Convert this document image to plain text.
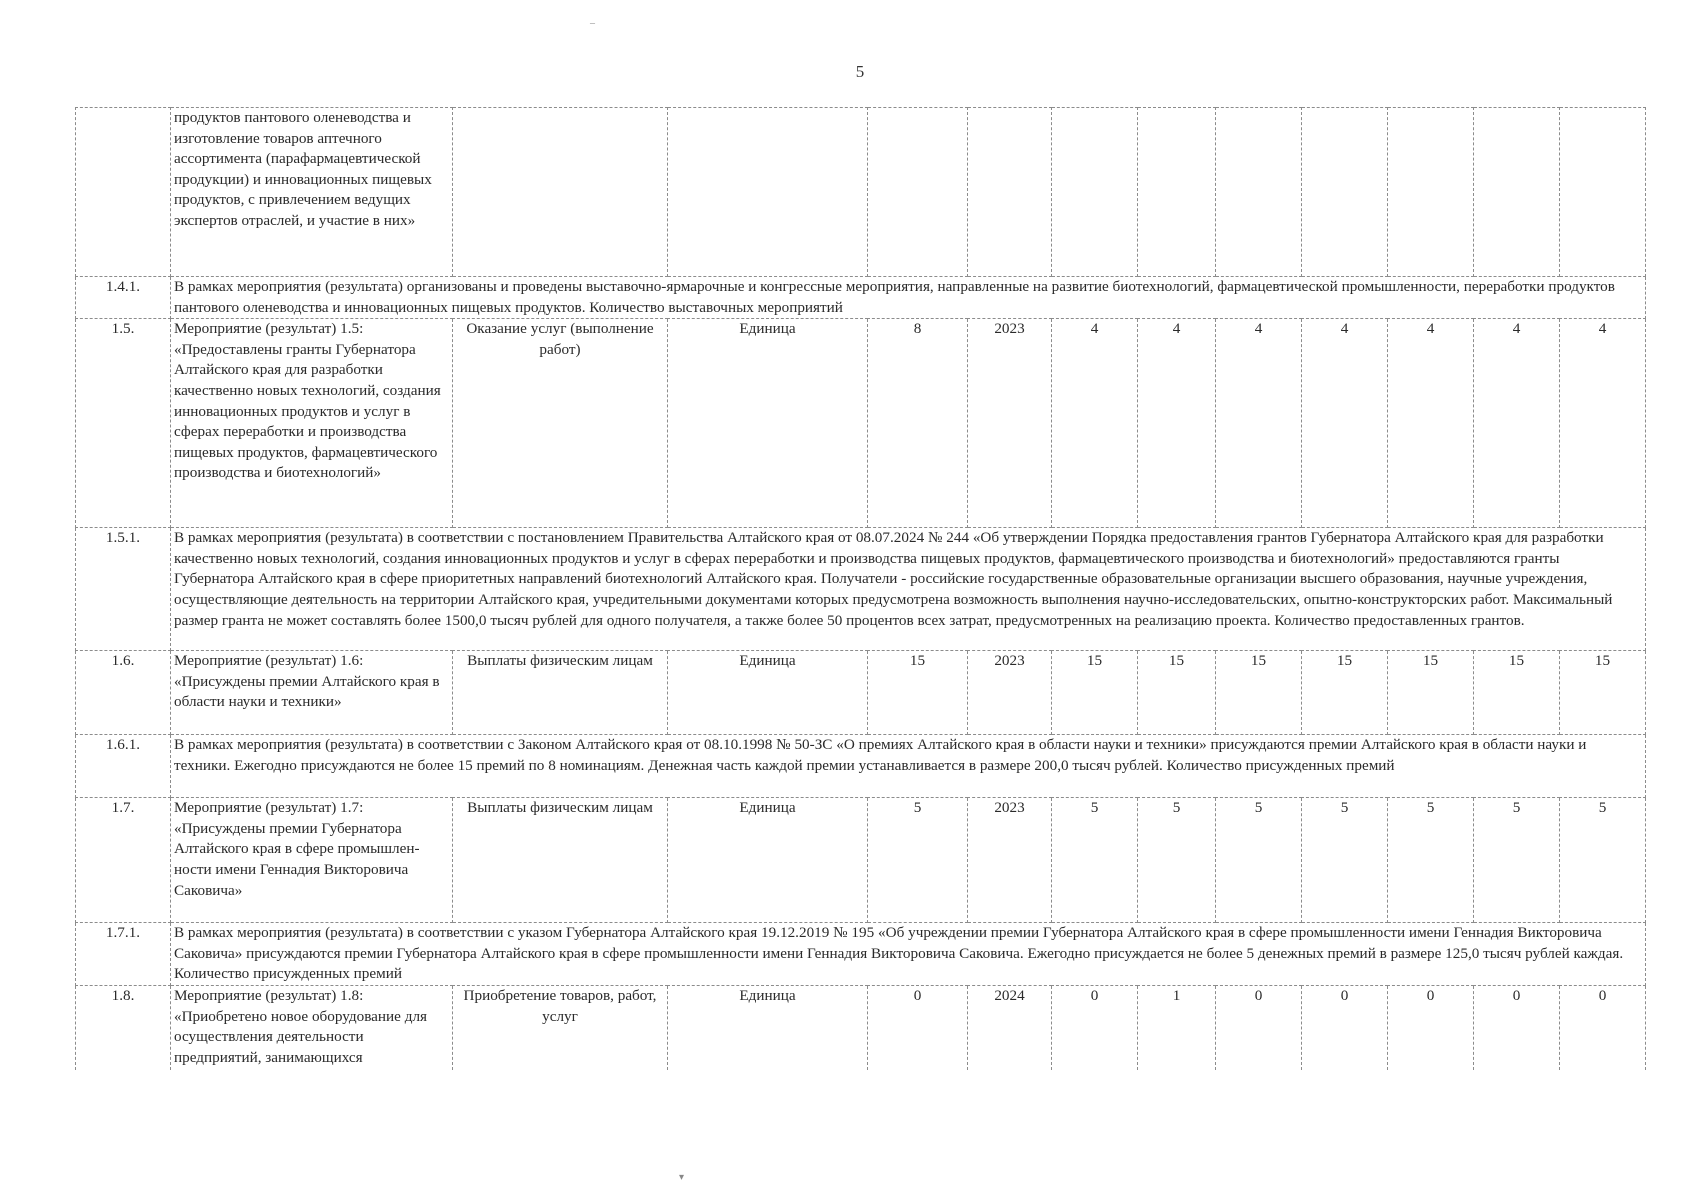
5
	продуктов пантового оленеводства и изготовление товаров аптечного ассортимента (парафармацевтической продукции) и инновационных пищевых продуктов, с привлечением ведущих экспертов отраслей, и участие в них»											
1.4.1.	В рамках мероприятия (результата) организованы и проведены выставочно-ярмарочные и конгрессные мероприятия, направленные на развитие биотехнологий, фармацевтической промышленности, переработки продуктов пантового оленеводства и инновационных пищевых продуктов. Количество выставочных мероприятий											
1.5.	Мероприятие (результат) 1.5: «Предоставлены гранты Губернатора Алтайского края для разработки качественно новых технологий, создания инновационных продуктов и услуг в сферах переработки и производства пищевых продуктов, фармацевтического производства и биотехнологий»	Оказание услуг (выполнение работ)	Единица	8	2023	4	4	4	4	4	4	4
1.5.1.	В рамках мероприятия (результата) в соответствии с постановлением Правительства Алтайского края от 08.07.2024 № 244 «Об утверждении Порядка предоставления грантов Губернатора Алтайского края для разработки качественно новых технологий, создания инновационных продуктов и услуг в сферах переработки и производства пищевых продуктов, фармацевтического производства и биотехнологий» предоставляются гранты Губернатора Алтайского края в сфере приоритетных направлений биотехнологий Алтайского края. Получатели - российские государственные образовательные организации высшего образования, научные учреждения, осуществляющие деятельность на территории Алтайского края, учредительными документами которых предусмотрена возможность выполнения научно-исследовательских, опытно-конструкторских работ. Максимальный размер гранта не может составлять более 1500,0 тысяч рублей для одного получателя, а также более 50 процентов всех затрат, предусмотренных на реализацию проекта. Количество предоставленных грантов.											
1.6.	Мероприятие (результат) 1.6: «Присуждены премии Алтайского края в области науки и техники»	Выплаты физическим лицам	Единица	15	2023	15	15	15	15	15	15	15
1.6.1.	В рамках мероприятия (результата) в соответствии с Законом Алтайского края от 08.10.1998 № 50-ЗС «О премиях Алтайского края в области науки и техники» присуждаются премии Алтайского края в области науки и техники. Ежегодно присуждаются не более 15 премий по 8 номинациям. Денежная часть каждой премии устанавливается в размере 200,0 тысяч рублей. Количество присужденных премий											
1.7.	Мероприятие (результат) 1.7: «Присуждены премии Губернатора Алтайского края в сфере промышлен-ности имени Геннадия Викторовича Саковича»	Выплаты физическим лицам	Единица	5	2023	5	5	5	5	5	5	5
1.7.1.	В рамках мероприятия (результата) в соответствии с указом Губернатора Алтайского края 19.12.2019 № 195 «Об учреждении премии Губернатора Алтайского края в сфере промышленности имени Геннадия Викторовича Саковича» присуждаются премии Губернатора Алтайского края в сфере промышленности имени Геннадия Викторовича Саковича. Ежегодно присуждается не более 5 денежных премий в размере 125,0 тысяч рублей каждая. Количество присужденных премий											
1.8.	Мероприятие (результат) 1.8: «Приобретено новое оборудование для осуществления деятельности предприятий, занимающихся	Приобретение товаров, работ, услуг	Единица	0	2024	0	1	0	0	0	0	0
‒
▾
